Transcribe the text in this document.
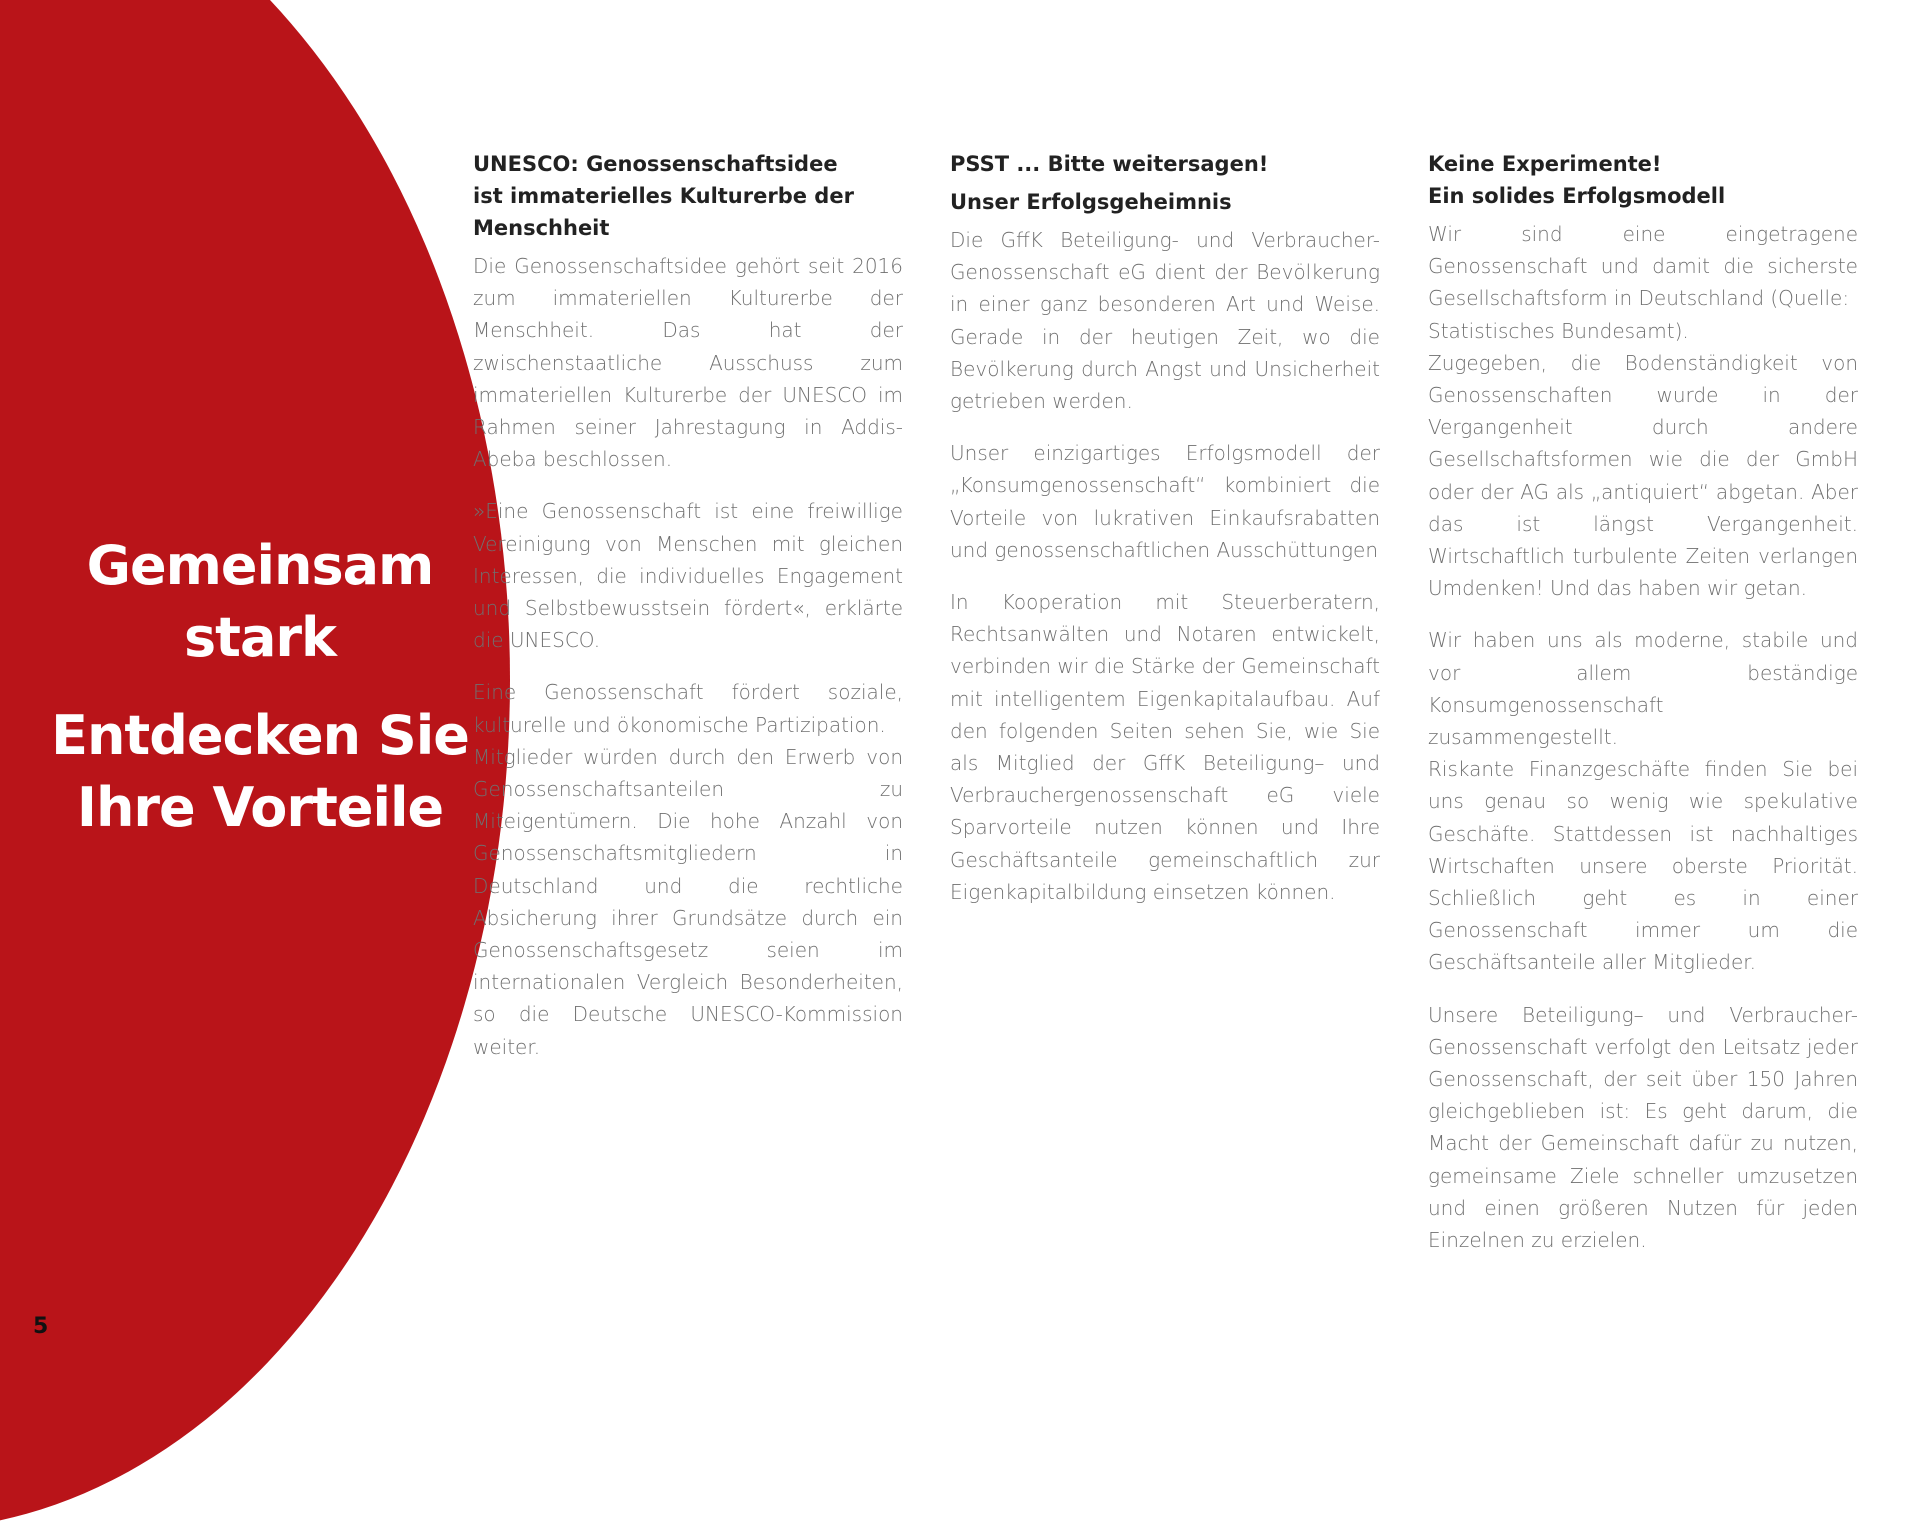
Gemeinsam
stark
Entdecken Sie
Ihre Vorteile
5
UNESCO: Genossenschaftsidee
ist immaterielles Kulturerbe der
Menschheit

Die Genossenschaftsidee gehört seit 2016 zum immateriellen Kulturerbe der Menschheit. Das hat der zwischenstaatliche Ausschuss zum immateriellen Kulturerbe der UNESCO im Rahmen seiner Jahrestagung in Addis-Abeba beschlossen.

»Eine Genossenschaft ist eine freiwillige Vereinigung von Menschen mit gleichen Interessen, die individuelles Engagement und Selbstbewusstsein fördert«, erklärte die UNESCO.

Eine Genossenschaft fördert soziale, kulturelle und ökonomische Partizipation.

Mitglieder würden durch den Erwerb von Genossenschaftsanteilen zu Miteigentümern. Die hohe Anzahl von Genossenschaftsmitgliedern in Deutschland und die rechtliche Absicherung ihrer Grundsätze durch ein Genossenschaftsgesetz seien im internationalen Vergleich Besonderheiten, so die Deutsche UNESCO-Kommission weiter.

PSST ... Bitte weitersagen!
Unser Erfolgsgeheimnis

Die GffK Beteiligung- und Verbraucher-Genossenschaft eG dient der Bevölkerung in einer ganz besonderen Art und Weise. Gerade in der heutigen Zeit, wo die Bevölkerung durch Angst und Unsicherheit getrieben werden.

Unser einzigartiges Erfolgsmodell der „Konsumgenossenschaft“ kombiniert die Vorteile von lukrativen Einkaufsrabatten und genossenschaftlichen Ausschüttungen

In Kooperation mit Steuerberatern, Rechtsanwälten und Notaren entwickelt, verbinden wir die Stärke der Gemeinschaft mit intelligentem Eigenkapitalaufbau. Auf den folgenden Seiten sehen Sie, wie Sie als Mitglied der GffK Beteiligung– und Verbrauchergenossenschaft eG viele Sparvorteile nutzen können und Ihre Geschäftsanteile gemeinschaftlich zur Eigenkapitalbildung einsetzen können.

Keine Experimente!
Ein solides Erfolgsmodell

Wir sind eine eingetragene Genossenschaft und damit die sicherste Gesellschaftsform in Deutschland (Quelle:

Statistisches Bundesamt).

Zugegeben, die Bodenständigkeit von Genossenschaften wurde in der Vergangenheit durch andere Gesellschaftsformen wie die der GmbH oder der AG als „antiquiert“ abgetan. Aber das ist längst Vergangenheit. Wirtschaftlich turbulente Zeiten verlangen Umdenken! Und das haben wir getan.

Wir haben uns als moderne, stabile und vor allem beständige Konsumgenossenschaft zusammengestellt.

Riskante Finanzgeschäfte finden Sie bei uns genau so wenig wie spekulative Geschäfte. Stattdessen ist nachhaltiges Wirtschaften unsere oberste Priorität. Schließlich geht es in einer Genossenschaft immer um die Geschäftsanteile aller Mitglieder.

Unsere Beteiligung– und Verbraucher-Genossenschaft verfolgt den Leitsatz jeder Genossenschaft, der seit über 150 Jahren gleichgeblieben ist: Es geht darum, die Macht der Gemeinschaft dafür zu nutzen, gemeinsame Ziele schneller umzusetzen und einen größeren Nutzen für jeden Einzelnen zu erzielen.
